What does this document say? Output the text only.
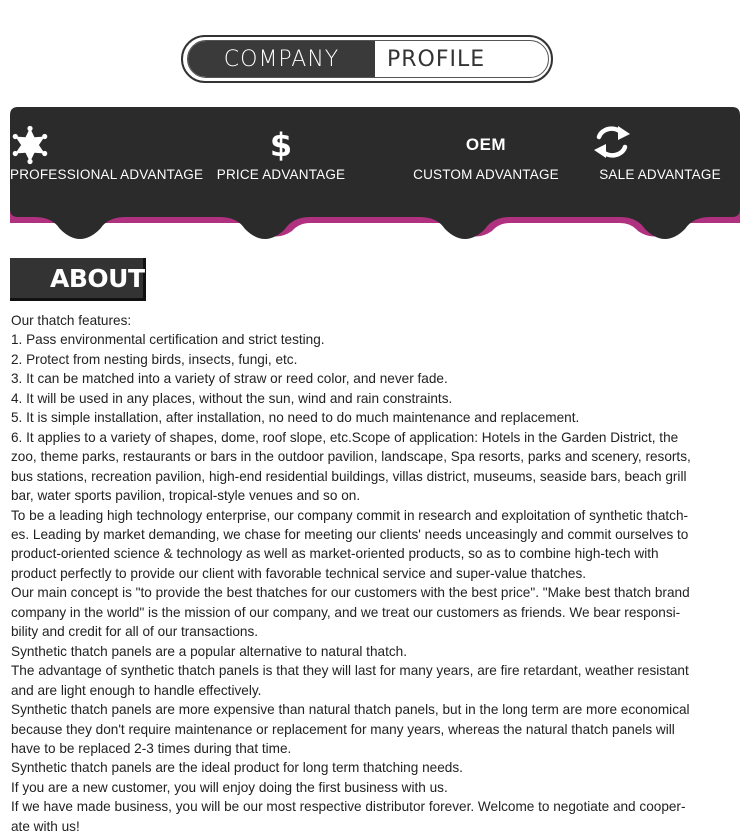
COMPANY	PROFILE
PROFESSIONAL ADVANTAGE
$
PRICE ADVANTAGE
OEM
CUSTOM ADVANTAGE	SALE ADVANTAGE
ABOUT

Our thatch features:

1. Pass environmental certification and strict testing.

2. Protect from nesting birds, insects, fungi, etc.

3. It can be matched into a variety of straw or reed color, and never fade.

4. It will be used in any places, without the sun, wind and rain constraints.

5. It is simple installation, after installation, no need to do much maintenance and replacement.

6. It applies to a variety of shapes, dome, roof slope, etc.Scope of application: Hotels in the Garden District, the

zoo, theme parks, restaurants or bars in the outdoor pavilion, landscape, Spa resorts, parks and scenery, resorts,

bus stations, recreation pavilion, high-end residential buildings, villas district, museums, seaside bars, beach grill

bar, water sports pavilion, tropical-style venues and so on.

To be a leading high technology enterprise, our company commit in research and exploitation of synthetic thatch-

es. Leading by market demanding, we chase for meeting our clients' needs unceasingly and commit ourselves to

product-oriented science & technology as well as market-oriented products, so as to combine high-tech with

product perfectly to provide our client with favorable technical service and super-value thatches.

Our main concept is "to provide the best thatches for our customers with the best price". "Make best thatch brand

company in the world" is the mission of our company, and we treat our customers as friends. We bear responsi-

bility and credit for all of our transactions.

Synthetic thatch panels are a popular alternative to natural thatch.

The advantage of synthetic thatch panels is that they will last for many years, are fire retardant, weather resistant

and are light enough to handle effectively.

Synthetic thatch panels are more expensive than natural thatch panels, but in the long term are more economical

because they don't require maintenance or replacement for many years, whereas the natural thatch panels will

have to be replaced 2-3 times during that time.

Synthetic thatch panels are the ideal product for long term thatching needs.

If you are a new customer, you will enjoy doing the first business with us.

If we have made business, you will be our most respective distributor forever. Welcome to negotiate and cooper-

ate with us!
